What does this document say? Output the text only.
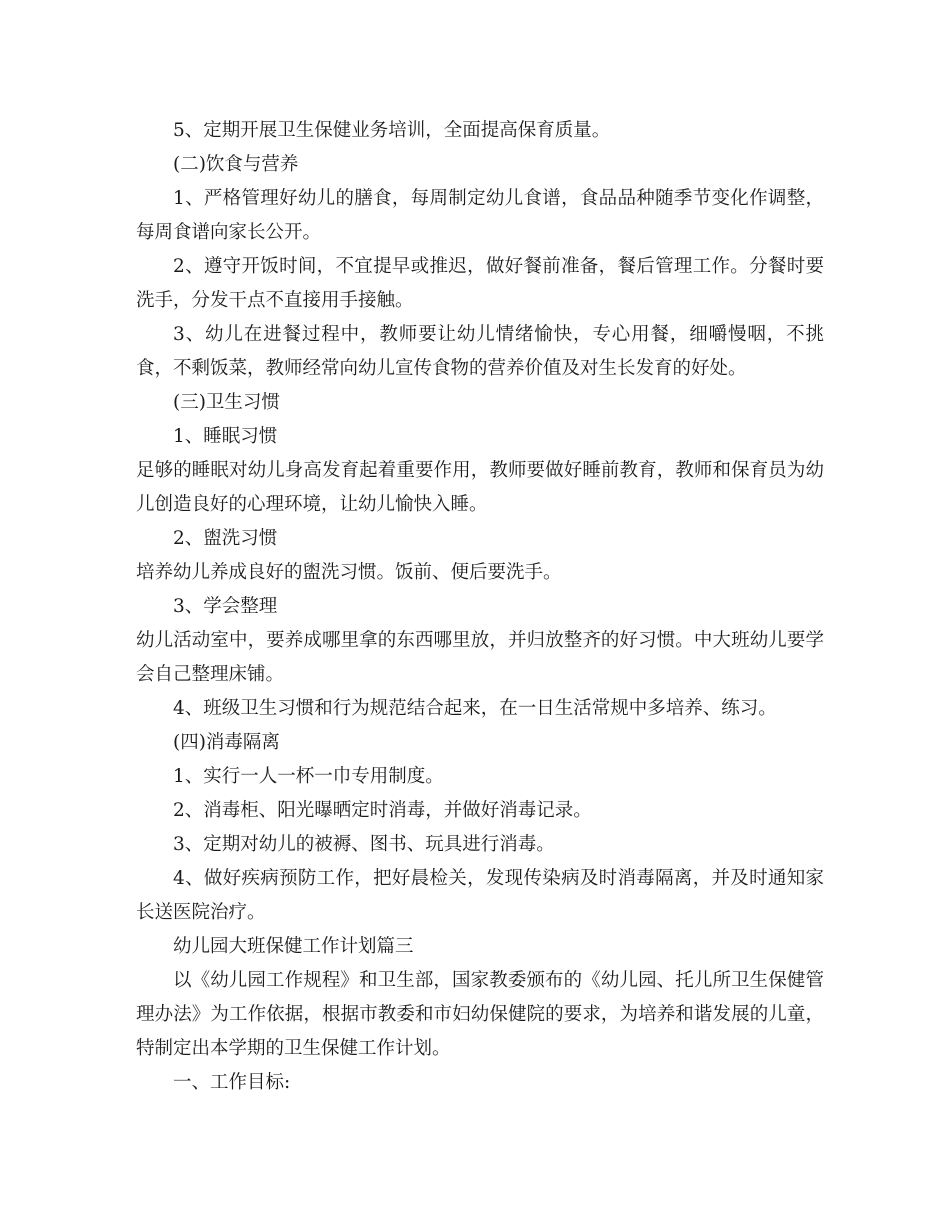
5、定期开展卫生保健业务培训，全面提高保育质量。

(二)饮食与营养

1、严格管理好幼儿的膳食，每周制定幼儿食谱，食品品种随季节变化作调整，每周食谱向家长公开。

2、遵守开饭时间，不宜提早或推迟，做好餐前准备，餐后管理工作。分餐时要洗手，分发干点不直接用手接触。

3、幼儿在进餐过程中，教师要让幼儿情绪愉快，专心用餐，细嚼慢咽，不挑食，不剩饭菜，教师经常向幼儿宣传食物的营养价值及对生长发育的好处。

(三)卫生习惯

1、睡眠习惯

足够的睡眠对幼儿身高发育起着重要作用，教师要做好睡前教育，教师和保育员为幼儿创造良好的心理环境，让幼儿愉快入睡。

2、盥洗习惯

培养幼儿养成良好的盥洗习惯。饭前、便后要洗手。

3、学会整理

幼儿活动室中，要养成哪里拿的东西哪里放，并归放整齐的好习惯。中大班幼儿要学会自己整理床铺。

4、班级卫生习惯和行为规范结合起来，在一日生活常规中多培养、练习。

(四)消毒隔离

1、实行一人一杯一巾专用制度。

2、消毒柜、阳光曝晒定时消毒，并做好消毒记录。

3、定期对幼儿的被褥、图书、玩具进行消毒。

4、做好疾病预防工作，把好晨检关，发现传染病及时消毒隔离，并及时通知家长送医院治疗。

幼儿园大班保健工作计划篇三

以《幼儿园工作规程》和卫生部，国家教委颁布的《幼儿园、托儿所卫生保健管理办法》为工作依据，根据市教委和市妇幼保健院的要求，为培养和谐发展的儿童，特制定出本学期的卫生保健工作计划。

一、工作目标:
